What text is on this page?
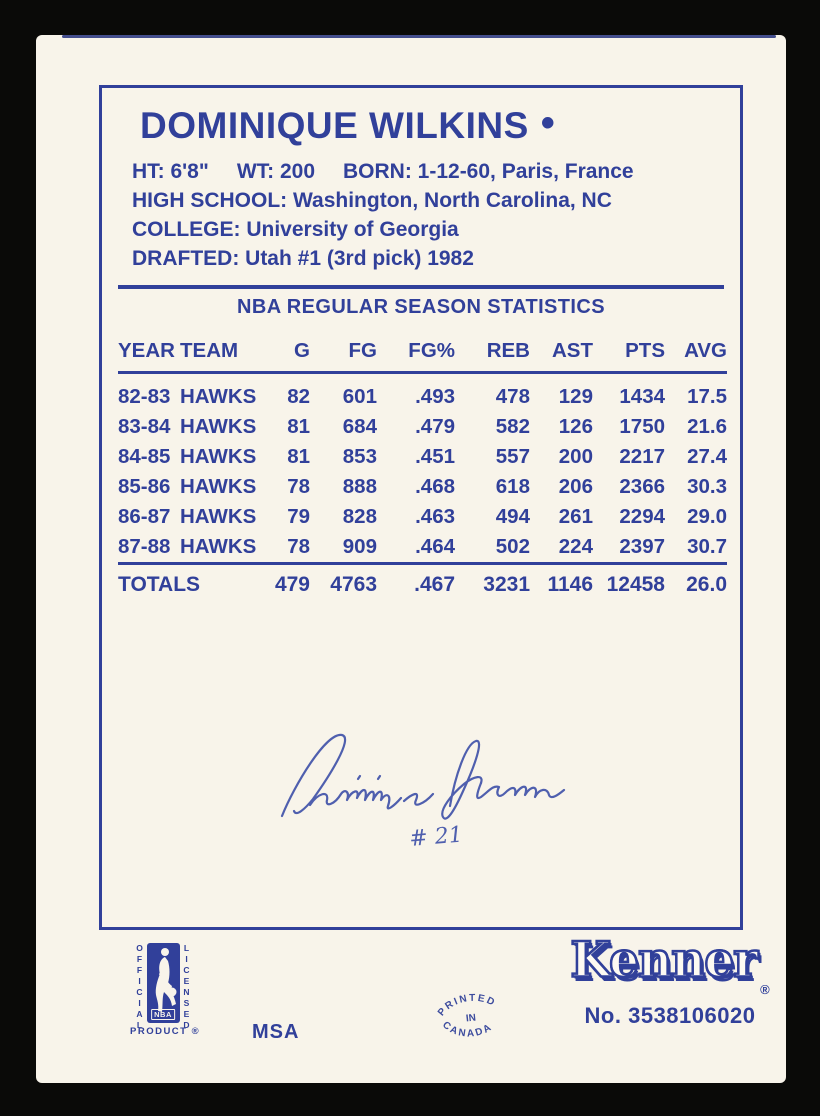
DOMINIQUE WILKINS •
HT: 6'8" WT: 200 BORN: 1-12-60, Paris, France
HIGH SCHOOL: Washington, North Carolina, NC
COLLEGE: University of Georgia
DRAFTED: Utah #1 (3rd pick) 1982
NBA REGULAR SEASON STATISTICS
YEAR	TEAM	G	FG	FG%	REB	AST	PTS	AVG
82-83	HAWKS	82	601	.493	478	129	1434	17.5
83-84	HAWKS	81	684	.479	582	126	1750	21.6
84-85	HAWKS	81	853	.451	557	200	2217	27.4
85-86	HAWKS	78	888	.468	618	206	2366	30.3
86-87	HAWKS	79	828	.463	494	261	2294	29.0
87-88	HAWKS	78	909	.464	502	224	2397	30.7
TOTALS		479	4763	.467	3231	1146	12458	26.0
# 21
OFFICIAL	NBA	LICENSED
PRODUCT ®	MSA
PRINTED
IN
CANADA
Kenner$_®$
No. 3538106020
